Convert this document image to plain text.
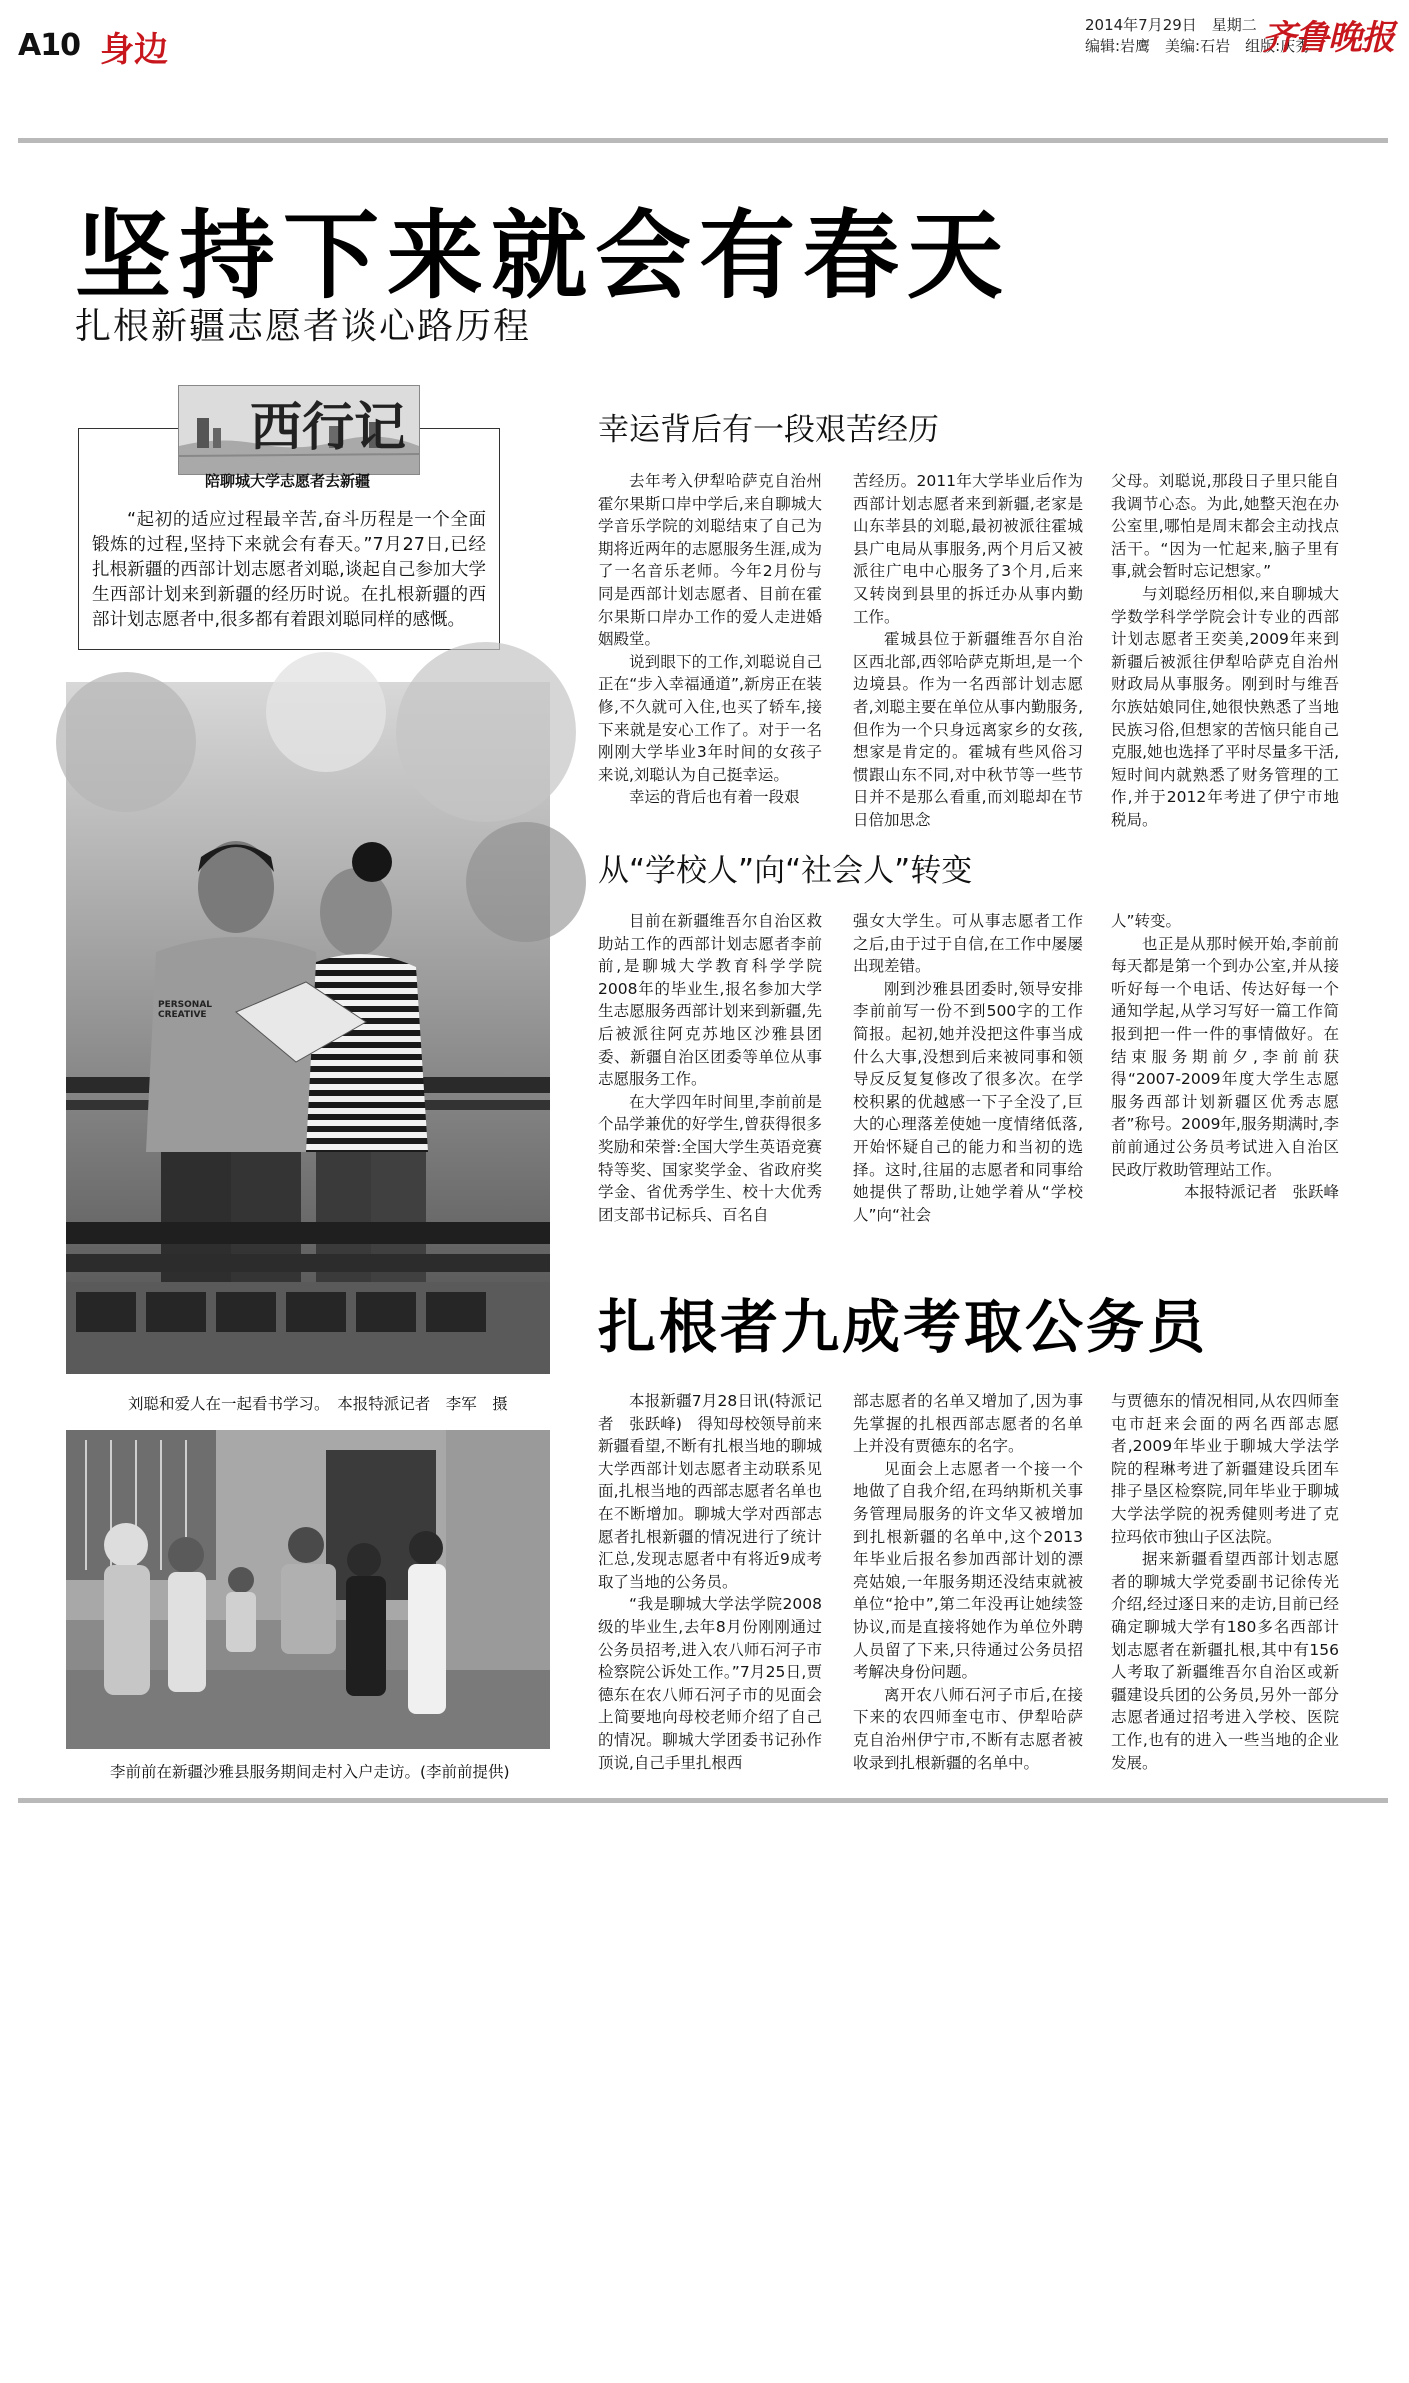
A10 身边
2014年7月29日　星期二
编辑:岩鹰　美编:石岩　组版:庆秀
齐鲁晚报
坚持下来就会有春天
扎根新疆志愿者谈心路历程
西行记
陪聊城大学志愿者去新疆
“起初的适应过程最辛苦,奋斗历程是一个全面锻炼的过程,坚持下来就会有春天。”7月27日,已经扎根新疆的西部计划志愿者刘聪,谈起自己参加大学生西部计划来到新疆的经历时说。在扎根新疆的西部计划志愿者中,很多都有着跟刘聪同样的感慨。
PERSONAL CREATIVE
刘聪和爱人在一起看书学习。　本报特派记者　李军　摄
李前前在新疆沙雅县服务期间走村入户走访。(李前前提供)
幸运背后有一段艰苦经历

去年考入伊犁哈萨克自治州霍尔果斯口岸中学后,来自聊城大学音乐学院的刘聪结束了自己为期将近两年的志愿服务生涯,成为了一名音乐老师。今年2月份与同是西部计划志愿者、目前在霍尔果斯口岸办工作的爱人走进婚姻殿堂。

说到眼下的工作,刘聪说自己正在“步入幸福通道”,新房正在装修,不久就可入住,也买了轿车,接下来就是安心工作了。对于一名刚刚大学毕业3年时间的女孩子来说,刘聪认为自己挺幸运。

幸运的背后也有着一段艰

苦经历。2011年大学毕业后作为西部计划志愿者来到新疆,老家是山东莘县的刘聪,最初被派往霍城县广电局从事服务,两个月后又被派往广电中心服务了3个月,后来又转岗到县里的拆迁办从事内勤工作。

霍城县位于新疆维吾尔自治区西北部,西邻哈萨克斯坦,是一个边境县。作为一名西部计划志愿者,刘聪主要在单位从事内勤服务,但作为一个只身远离家乡的女孩,想家是肯定的。霍城有些风俗习惯跟山东不同,对中秋节等一些节日并不是那么看重,而刘聪却在节日倍加思念

父母。刘聪说,那段日子里只能自我调节心态。为此,她整天泡在办公室里,哪怕是周末都会主动找点活干。“因为一忙起来,脑子里有事,就会暂时忘记想家。”

与刘聪经历相似,来自聊城大学数学科学学院会计专业的西部计划志愿者王奕美,2009年来到新疆后被派往伊犁哈萨克自治州财政局从事服务。刚到时与维吾尔族姑娘同住,她很快熟悉了当地民族习俗,但想家的苦恼只能自己克服,她也选择了平时尽量多干活,短时间内就熟悉了财务管理的工作,并于2012年考进了伊宁市地税局。

从“学校人”向“社会人”转变

目前在新疆维吾尔自治区救助站工作的西部计划志愿者李前前,是聊城大学教育科学学院2008年的毕业生,报名参加大学生志愿服务西部计划来到新疆,先后被派往阿克苏地区沙雅县团委、新疆自治区团委等单位从事志愿服务工作。

在大学四年时间里,李前前是个品学兼优的好学生,曾获得很多奖励和荣誉:全国大学生英语竞赛特等奖、国家奖学金、省政府奖学金、省优秀学生、校十大优秀团支部书记标兵、百名自

强女大学生。可从事志愿者工作之后,由于过于自信,在工作中屡屡出现差错。

刚到沙雅县团委时,领导安排李前前写一份不到500字的工作简报。起初,她并没把这件事当成什么大事,没想到后来被同事和领导反反复复修改了很多次。在学校积累的优越感一下子全没了,巨大的心理落差使她一度情绪低落,开始怀疑自己的能力和当初的选择。这时,往届的志愿者和同事给她提供了帮助,让她学着从“学校人”向“社会

人”转变。

也正是从那时候开始,李前前每天都是第一个到办公室,并从接听好每一个电话、传达好每一个通知学起,从学习写好一篇工作简报到把一件一件的事情做好。在结束服务期前夕,李前前获得“2007-2009年度大学生志愿服务西部计划新疆区优秀志愿者”称号。2009年,服务期满时,李前前通过公务员考试进入自治区民政厅救助管理站工作。

本报特派记者　张跃峰

扎根者九成考取公务员

本报新疆7月28日讯(特派记者　张跃峰)　得知母校领导前来新疆看望,不断有扎根当地的聊城大学西部计划志愿者主动联系见面,扎根当地的西部志愿者名单也在不断增加。聊城大学对西部志愿者扎根新疆的情况进行了统计汇总,发现志愿者中有将近9成考取了当地的公务员。

“我是聊城大学法学院2008级的毕业生,去年8月份刚刚通过公务员招考,进入农八师石河子市检察院公诉处工作。”7月25日,贾德东在农八师石河子市的见面会上简要地向母校老师介绍了自己的情况。聊城大学团委书记孙作顶说,自己手里扎根西

部志愿者的名单又增加了,因为事先掌握的扎根西部志愿者的名单上并没有贾德东的名字。

见面会上志愿者一个接一个地做了自我介绍,在玛纳斯机关事务管理局服务的许文华又被增加到扎根新疆的名单中,这个2013年毕业后报名参加西部计划的漂亮姑娘,一年服务期还没结束就被单位“抢中”,第二年没再让她续签协议,而是直接将她作为单位外聘人员留了下来,只待通过公务员招考解决身份问题。

离开农八师石河子市后,在接下来的农四师奎屯市、伊犁哈萨克自治州伊宁市,不断有志愿者被收录到扎根新疆的名单中。

与贾德东的情况相同,从农四师奎屯市赶来会面的两名西部志愿者,2009年毕业于聊城大学法学院的程琳考进了新疆建设兵团车排子垦区检察院,同年毕业于聊城大学法学院的祝秀健则考进了克拉玛依市独山子区法院。

据来新疆看望西部计划志愿者的聊城大学党委副书记徐传光介绍,经过逐日来的走访,目前已经确定聊城大学有180多名西部计划志愿者在新疆扎根,其中有156人考取了新疆维吾尔自治区或新疆建设兵团的公务员,另外一部分志愿者通过招考进入学校、医院工作,也有的进入一些当地的企业发展。
